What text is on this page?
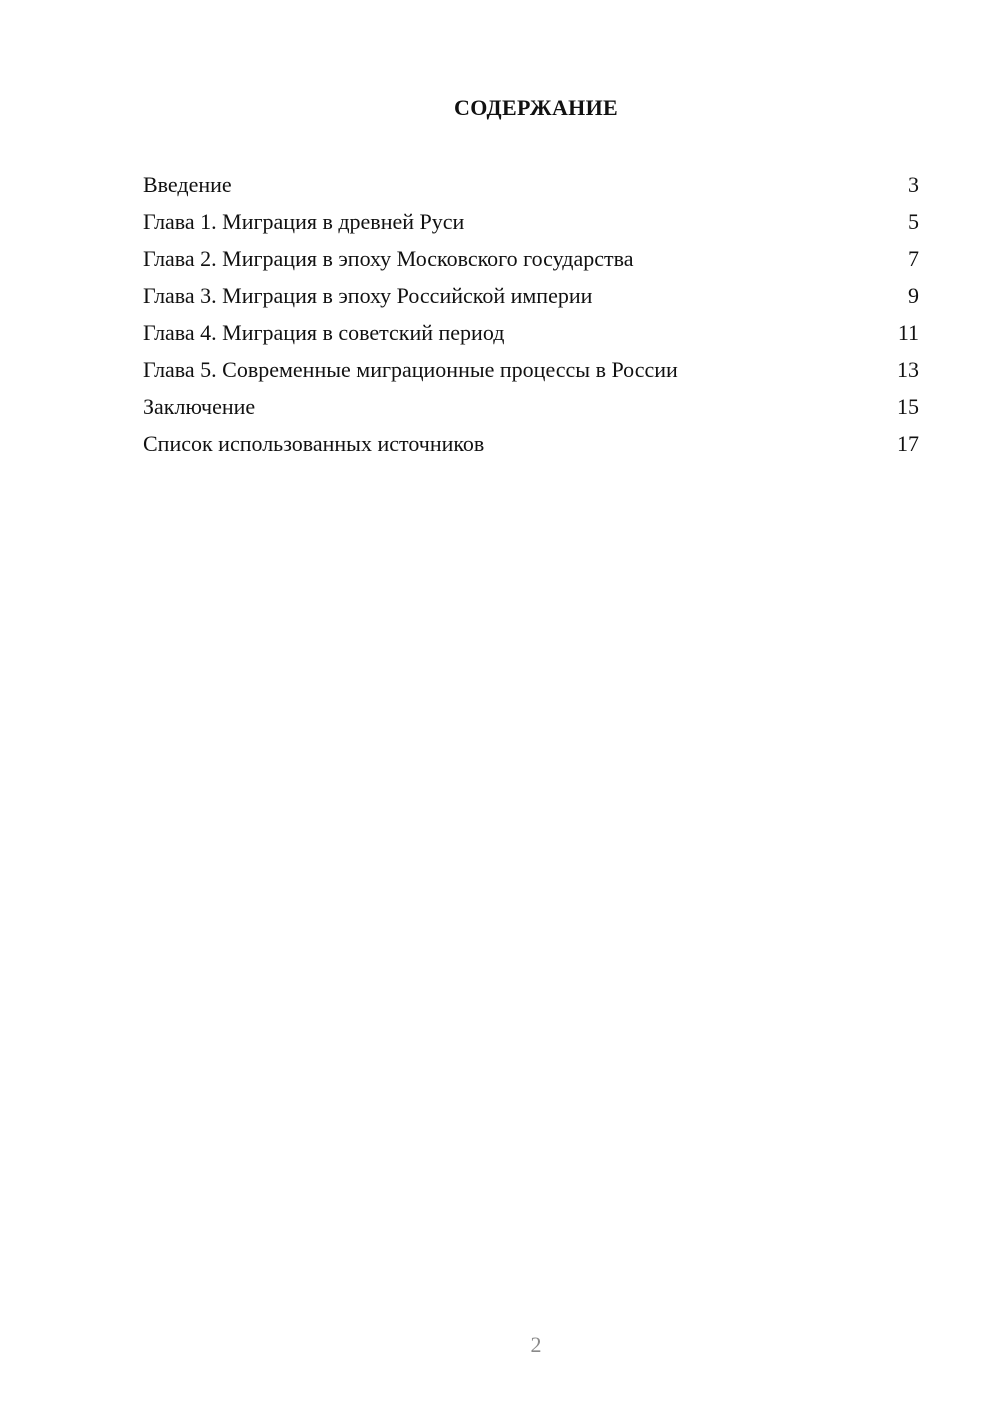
СОДЕРЖАНИЕ
Введение	3
Глава 1. Миграция в древней Руси	5
Глава 2. Миграция в эпоху Московского государства	7
Глава 3. Миграция в эпоху Российской империи	9
Глава 4. Миграция в советский период	11
Глава 5. Современные миграционные процессы в России	13
Заключение	15
Список использованных источников	17
2
